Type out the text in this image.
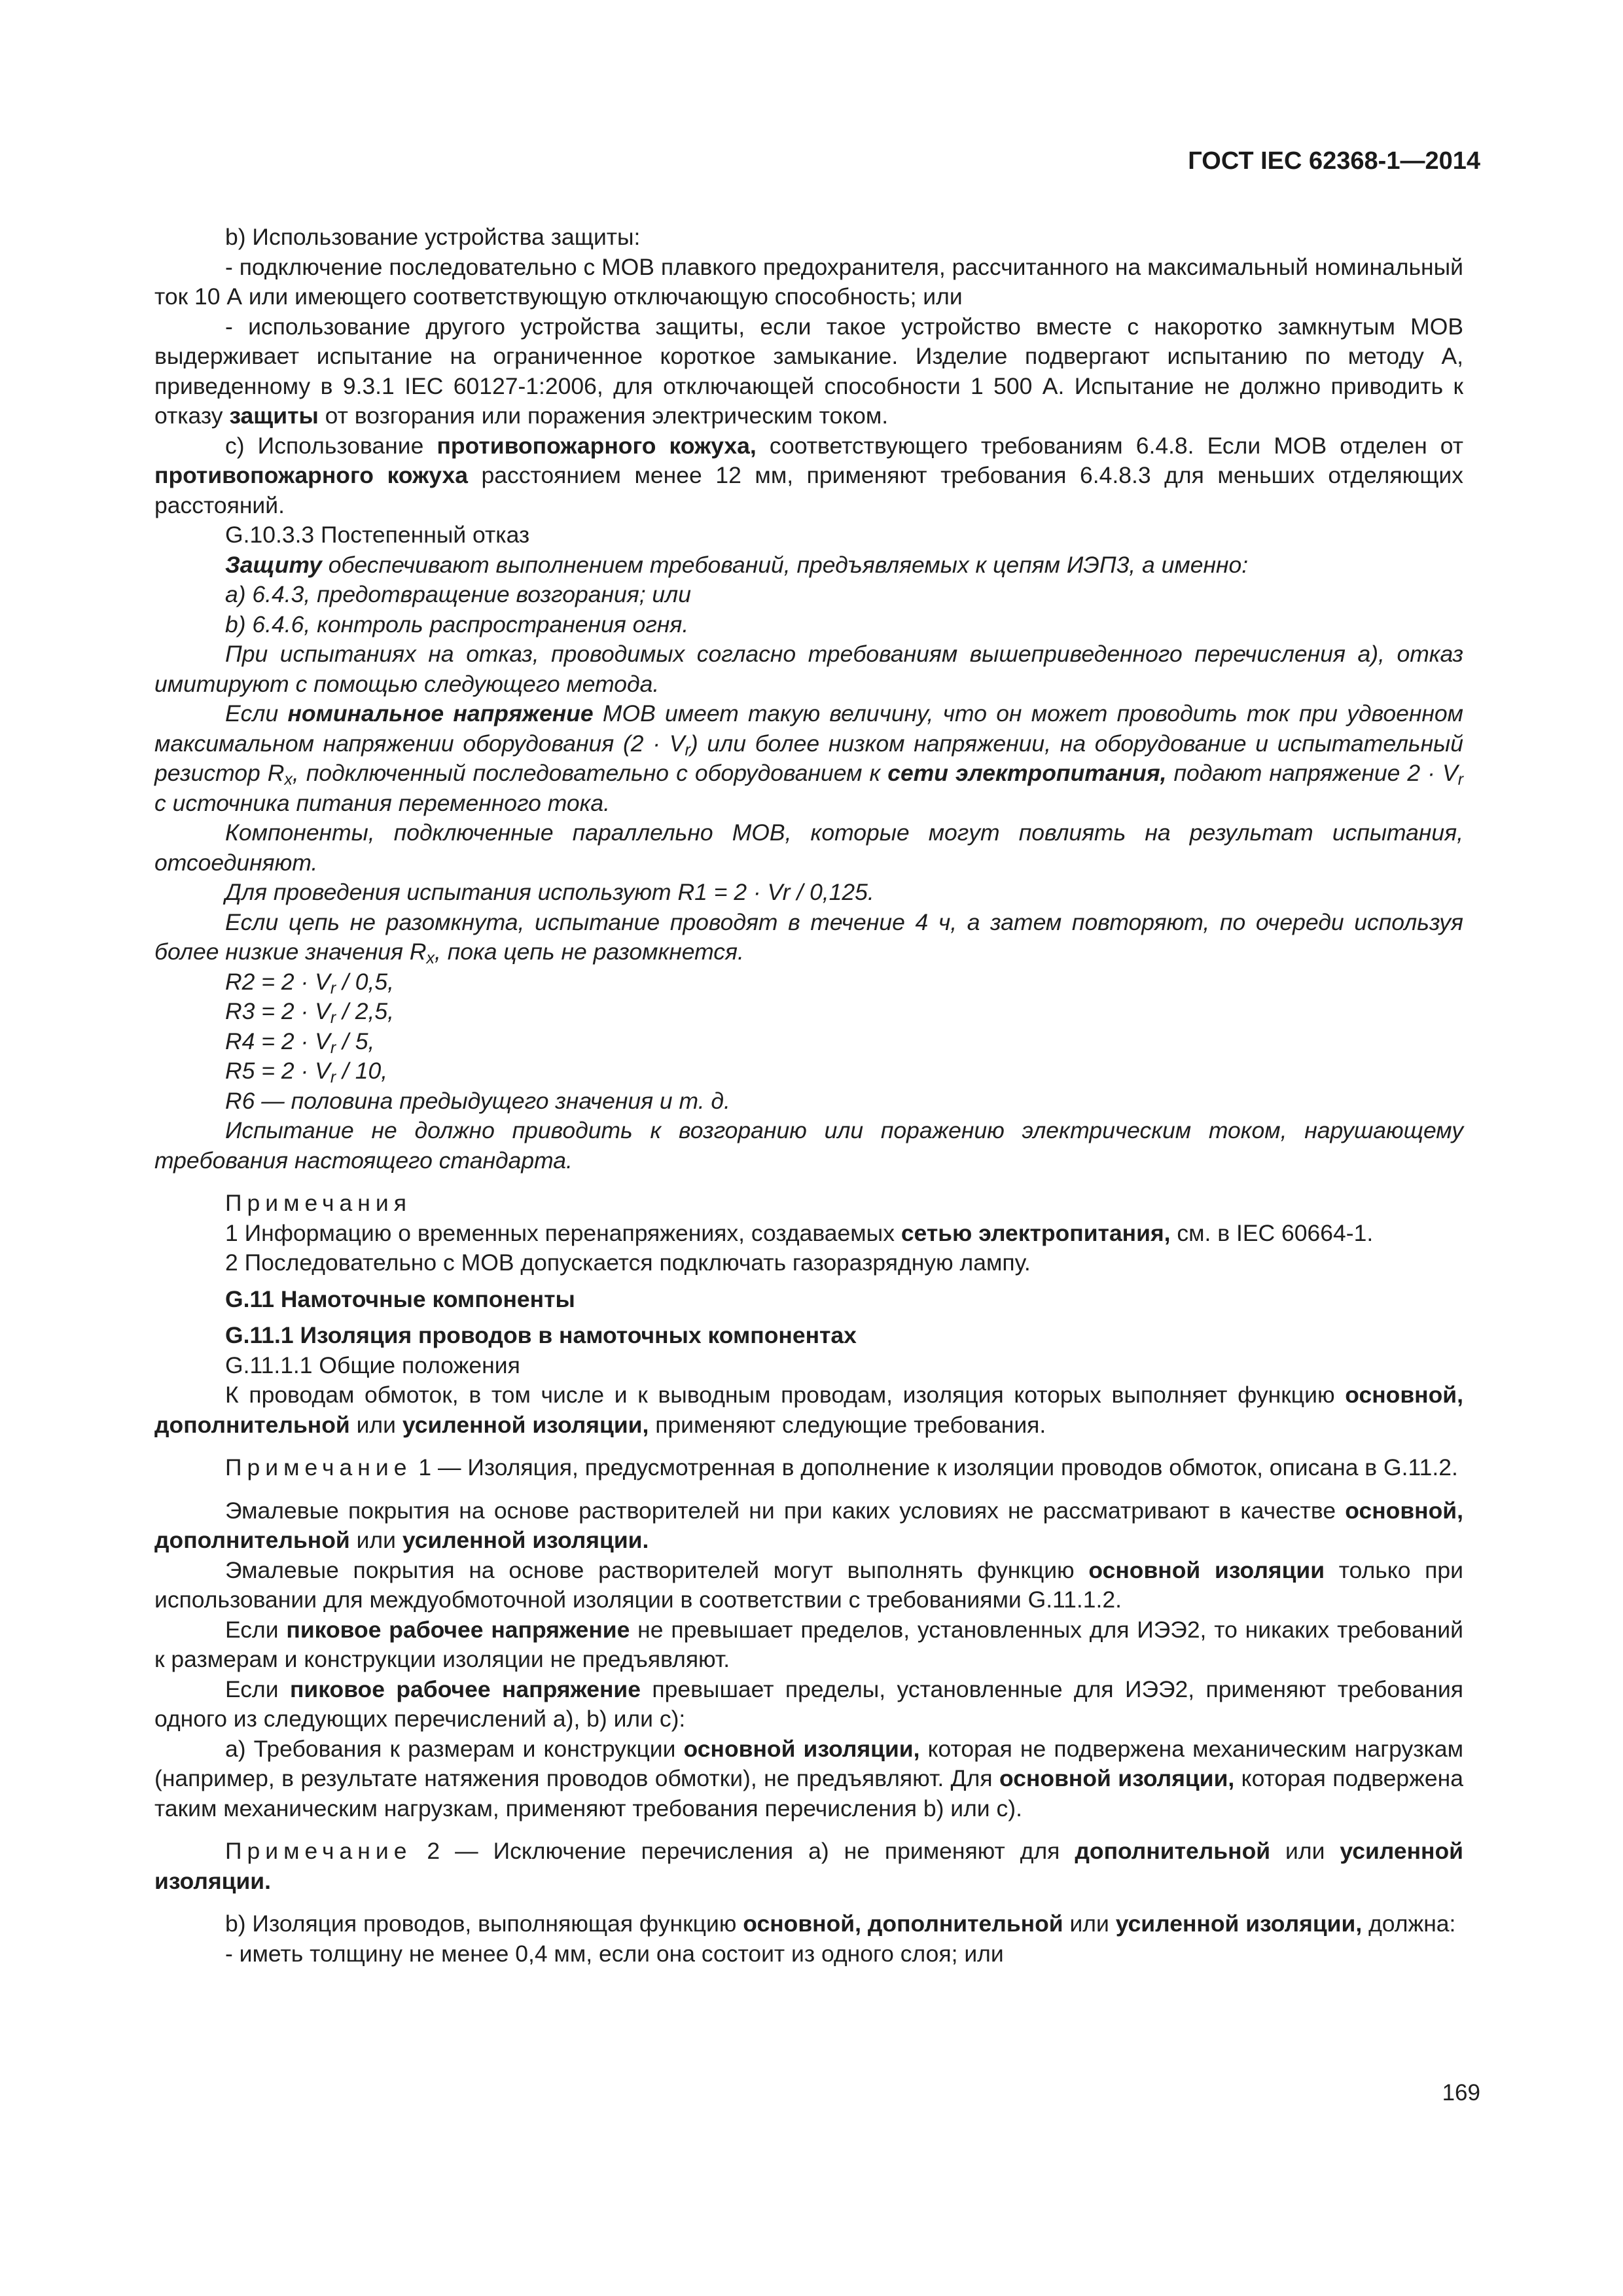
ГОСТ IEC 62368-1—2014

b) Использование устройства защиты:

- подключение последовательно с МОВ плавкого предохранителя, рассчитанного на максимальный номинальный ток 10 А или имеющего соответствующую отключающую способность; или

- использование другого устройства защиты, если такое устройство вместе с накоротко замкнутым МОВ выдерживает испытание на ограниченное короткое замыкание. Изделие подвергают испытанию по методу А, приведенному в 9.3.1 IEC 60127-1:2006, для отключающей способности 1 500 А. Испытание не должно приводить к отказу защиты от возгорания или поражения электрическим током.

c) Использование противопожарного кожуха, соответствующего требованиям 6.4.8. Если МОВ отделен от противопожарного кожуха расстоянием менее 12 мм, применяют требования 6.4.8.3 для меньших отделяющих расстояний.

G.10.3.3 Постепенный отказ

Защиту обеспечивают выполнением требований, предъявляемых к цепям ИЭП3, а именно:

a) 6.4.3, предотвращение возгорания; или

b) 6.4.6, контроль распространения огня.

При испытаниях на отказ, проводимых согласно требованиям вышеприведенного перечисления a), отказ имитируют с помощью следующего метода.

Если номинальное напряжение МОВ имеет такую величину, что он может проводить ток при удвоенном максимальном напряжении оборудования $(2 \cdot V_r)$ или более низком напряжении, на оборудование и испытательный резистор $R_x$, подключенный последовательно с оборудованием к сети электропитания, подают напряжение $2 \cdot V_r$ с источника питания переменного тока.

Компоненты, подключенные параллельно МОВ, которые могут повлиять на результат испытания, отсоединяют.

Для проведения испытания используют R1 = 2 · Vr / 0,125.

Если цепь не разомкнута, испытание проводят в течение 4 ч, а затем повторяют, по очереди используя более низкие значения $R_x$, пока цепь не разомкнется.

$R2 = 2 \cdot V_r / 0,5$,

$R3 = 2 \cdot V_r / 2,5$,

$R4 = 2 \cdot V_r / 5$,

$R5 = 2 \cdot V_r / 10$,

R6 — половина предыдущего значения и т. д.

Испытание не должно приводить к возгоранию или поражению электрическим током, нарушающему требования настоящего стандарта.

Примечания

1 Информацию о временных перенапряжениях, создаваемых сетью электропитания, см. в IEC 60664-1.

2 Последовательно с МОВ допускается подключать газоразрядную лампу.

G.11 Намоточные компоненты

G.11.1 Изоляция проводов в намоточных компонентах

G.11.1.1 Общие положения

К проводам обмоток, в том числе и к выводным проводам, изоляция которых выполняет функцию основной, дополнительной или усиленной изоляции, применяют следующие требования.

Примечание 1 — Изоляция, предусмотренная в дополнение к изоляции проводов обмоток, описана в G.11.2.

Эмалевые покрытия на основе растворителей ни при каких условиях не рассматривают в качестве основной, дополнительной или усиленной изоляции.

Эмалевые покрытия на основе растворителей могут выполнять функцию основной изоляции только при использовании для междуобмоточной изоляции в соответствии с требованиями G.11.1.2.

Если пиковое рабочее напряжение не превышает пределов, установленных для ИЭЭ2, то никаких требований к размерам и конструкции изоляции не предъявляют.

Если пиковое рабочее напряжение превышает пределы, установленные для ИЭЭ2, применяют требования одного из следующих перечислений a), b) или c):

a) Требования к размерам и конструкции основной изоляции, которая не подвержена механическим нагрузкам (например, в результате натяжения проводов обмотки), не предъявляют. Для основной изоляции, которая подвержена таким механическим нагрузкам, применяют требования перечисления b) или c).

Примечание 2 — Исключение перечисления a) не применяют для дополнительной или усиленной изоляции.

b) Изоляция проводов, выполняющая функцию основной, дополнительной или усиленной изоляции, должна:

- иметь толщину не менее 0,4 мм, если она состоит из одного слоя; или

169
